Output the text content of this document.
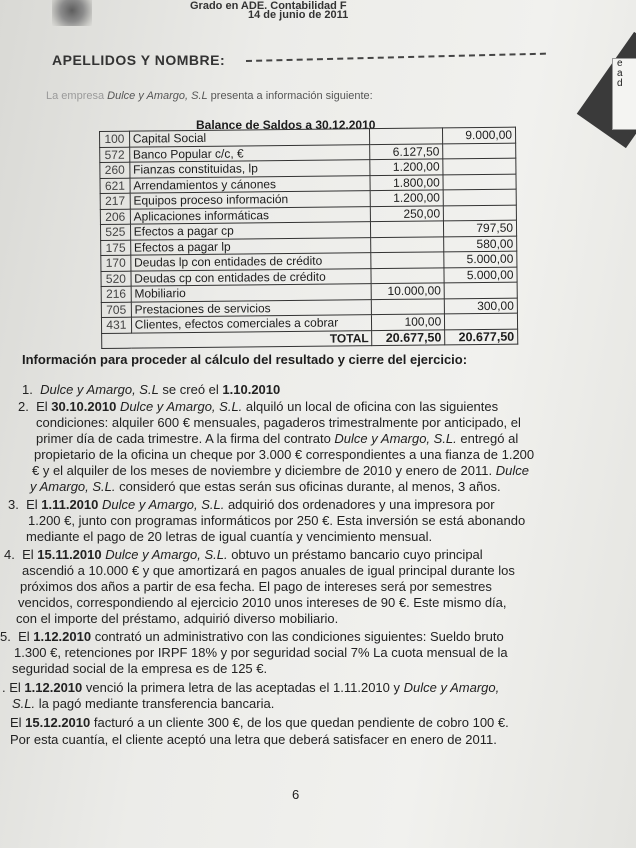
Grado en ADE. Contabilidad F
14 de junio de 2011
APELLIDOS Y NOMBRE:	e
a
d
La empresa Dulce y Amargo, S.L presenta a información siguiente:
Balance de Saldos a 30.12.2010
100	Capital Social		9.000,00
572	Banco Popular c/c, €	6.127,50	
260	Fianzas constituidas, lp	1.200,00	
621	Arrendamientos y cánones	1.800,00	
217	Equipos proceso información	1.200,00	
206	Aplicaciones informáticas	250,00	
525	Efectos a pagar cp		797,50
175	Efectos a pagar lp		580,00
170	Deudas lp con entidades de crédito		5.000,00
520	Deudas cp con entidades de crédito		5.000,00
216	Mobiliario	10.000,00	
705	Prestaciones de servicios		300,00
431	Clientes, efectos comerciales a cobrar	100,00	
TOTAL		20.677,50	20.677,50
Información para proceder al cálculo del resultado y cierre del ejercicio:
1. Dulce y Amargo, S.L se creó el 1.10.2010
2. El 30.10.2010 Dulce y Amargo, S.L. alquiló un local de oficina con las siguientes
condiciones: alquiler 600 € mensuales, pagaderos trimestralmente por anticipado, el
primer día de cada trimestre. A la firma del contrato Dulce y Amargo, S.L. entregó al
propietario de la oficina un cheque por 3.000 € correspondientes a una fianza de 1.200
€ y el alquiler de los meses de noviembre y diciembre de 2010 y enero de 2011. Dulce
y Amargo, S.L. consideró que estas serán sus oficinas durante, al menos, 3 años.
3. El 1.11.2010 Dulce y Amargo, S.L. adquirió dos ordenadores y una impresora por
1.200 €, junto con programas informáticos por 250 €. Esta inversión se está abonando
mediante el pago de 20 letras de igual cuantía y vencimiento mensual.
4. El 15.11.2010 Dulce y Amargo, S.L. obtuvo un préstamo bancario cuyo principal
ascendió a 10.000 € y que amortizará en pagos anuales de igual principal durante los
próximos dos años a partir de esa fecha. El pago de intereses será por semestres
vencidos, correspondiendo al ejercicio 2010 unos intereses de 90 €. Este mismo día,
con el importe del préstamo, adquirió diverso mobiliario.
5. El 1.12.2010 contrató un administrativo con las condiciones siguientes: Sueldo bruto
1.300 €, retenciones por IRPF 18% y por seguridad social 7% La cuota mensual de la
seguridad social de la empresa es de 125 €.
. El 1.12.2010 venció la primera letra de las aceptadas el 1.11.2010 y Dulce y Amargo,
S.L. la pagó mediante transferencia bancaria.
El 15.12.2010 facturó a un cliente 300 €, de los que quedan pendiente de cobro 100 €.
Por esta cuantía, el cliente aceptó una letra que deberá satisfacer en enero de 2011.
6
